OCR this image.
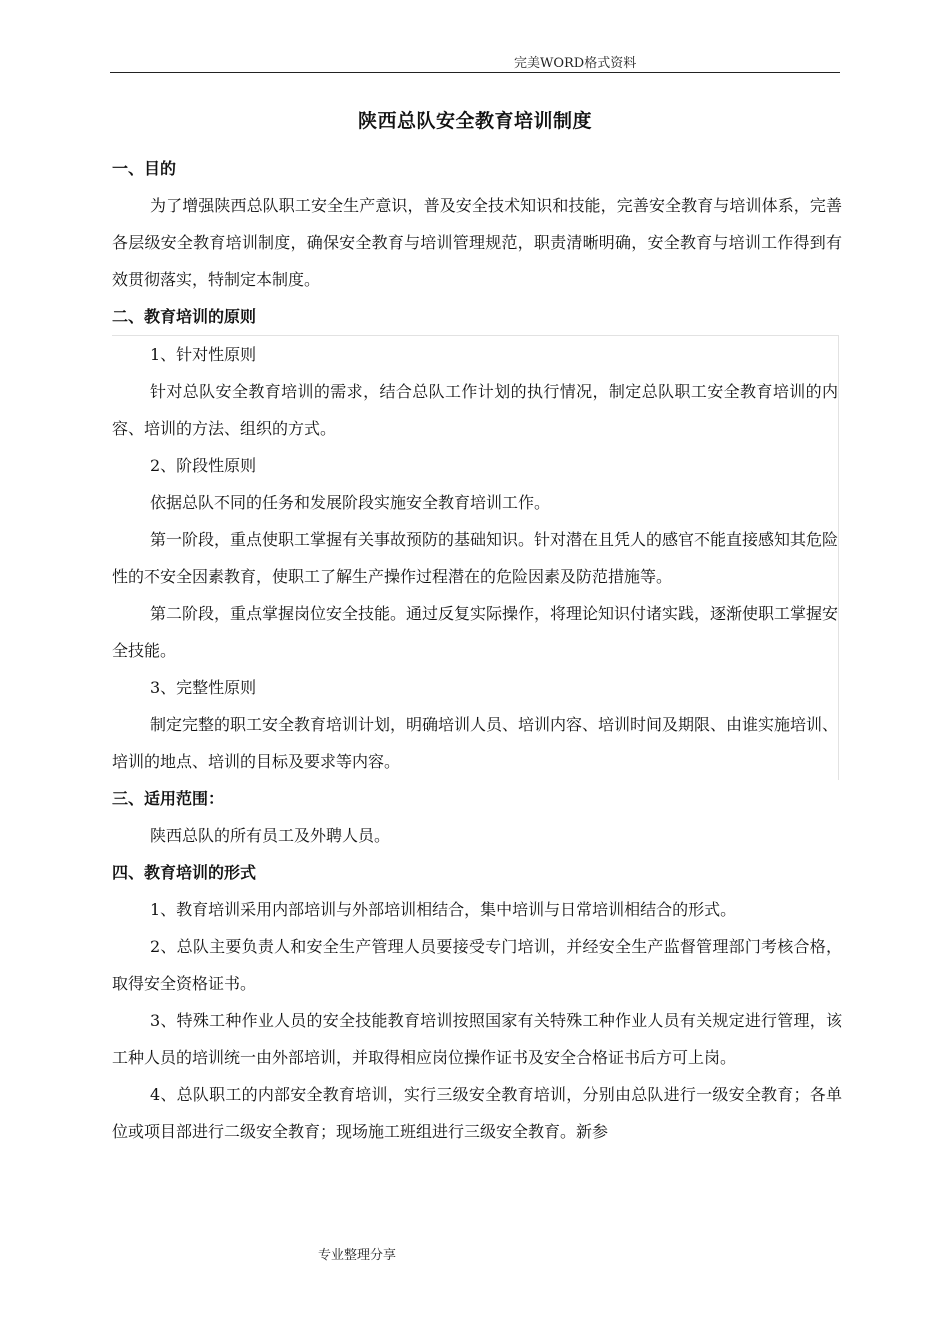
完美WORD格式资料
陕西总队安全教育培训制度

一、目的

为了增强陕西总队职工安全生产意识，普及安全技术知识和技能，完善安全教育与培训体系，完善各层级安全教育培训制度，确保安全教育与培训管理规范，职责清晰明确，安全教育与培训工作得到有效贯彻落实，特制定本制度。

二、教育培训的原则

1、针对性原则

针对总队安全教育培训的需求，结合总队工作计划的执行情况，制定总队职工安全教育培训的内容、培训的方法、组织的方式。

2、阶段性原则

依据总队不同的任务和发展阶段实施安全教育培训工作。

第一阶段，重点使职工掌握有关事故预防的基础知识。针对潜在且凭人的感官不能直接感知其危险性的不安全因素教育，使职工了解生产操作过程潜在的危险因素及防范措施等。

第二阶段，重点掌握岗位安全技能。通过反复实际操作，将理论知识付诸实践，逐渐使职工掌握安全技能。

3、完整性原则

制定完整的职工安全教育培训计划，明确培训人员、培训内容、培训时间及期限、由谁实施培训、培训的地点、培训的目标及要求等内容。

三、适用范围：

陕西总队的所有员工及外聘人员。

四、教育培训的形式

1、教育培训采用内部培训与外部培训相结合，集中培训与日常培训相结合的形式。

2、总队主要负责人和安全生产管理人员要接受专门培训，并经安全生产监督管理部门考核合格，取得安全资格证书。

3、特殊工种作业人员的安全技能教育培训按照国家有关特殊工种作业人员有关规定进行管理，该工种人员的培训统一由外部培训，并取得相应岗位操作证书及安全合格证书后方可上岗。

4、总队职工的内部安全教育培训，实行三级安全教育培训，分别由总队进行一级安全教育；各单位或项目部进行二级安全教育；现场施工班组进行三级安全教育。新参

专业整理分享
